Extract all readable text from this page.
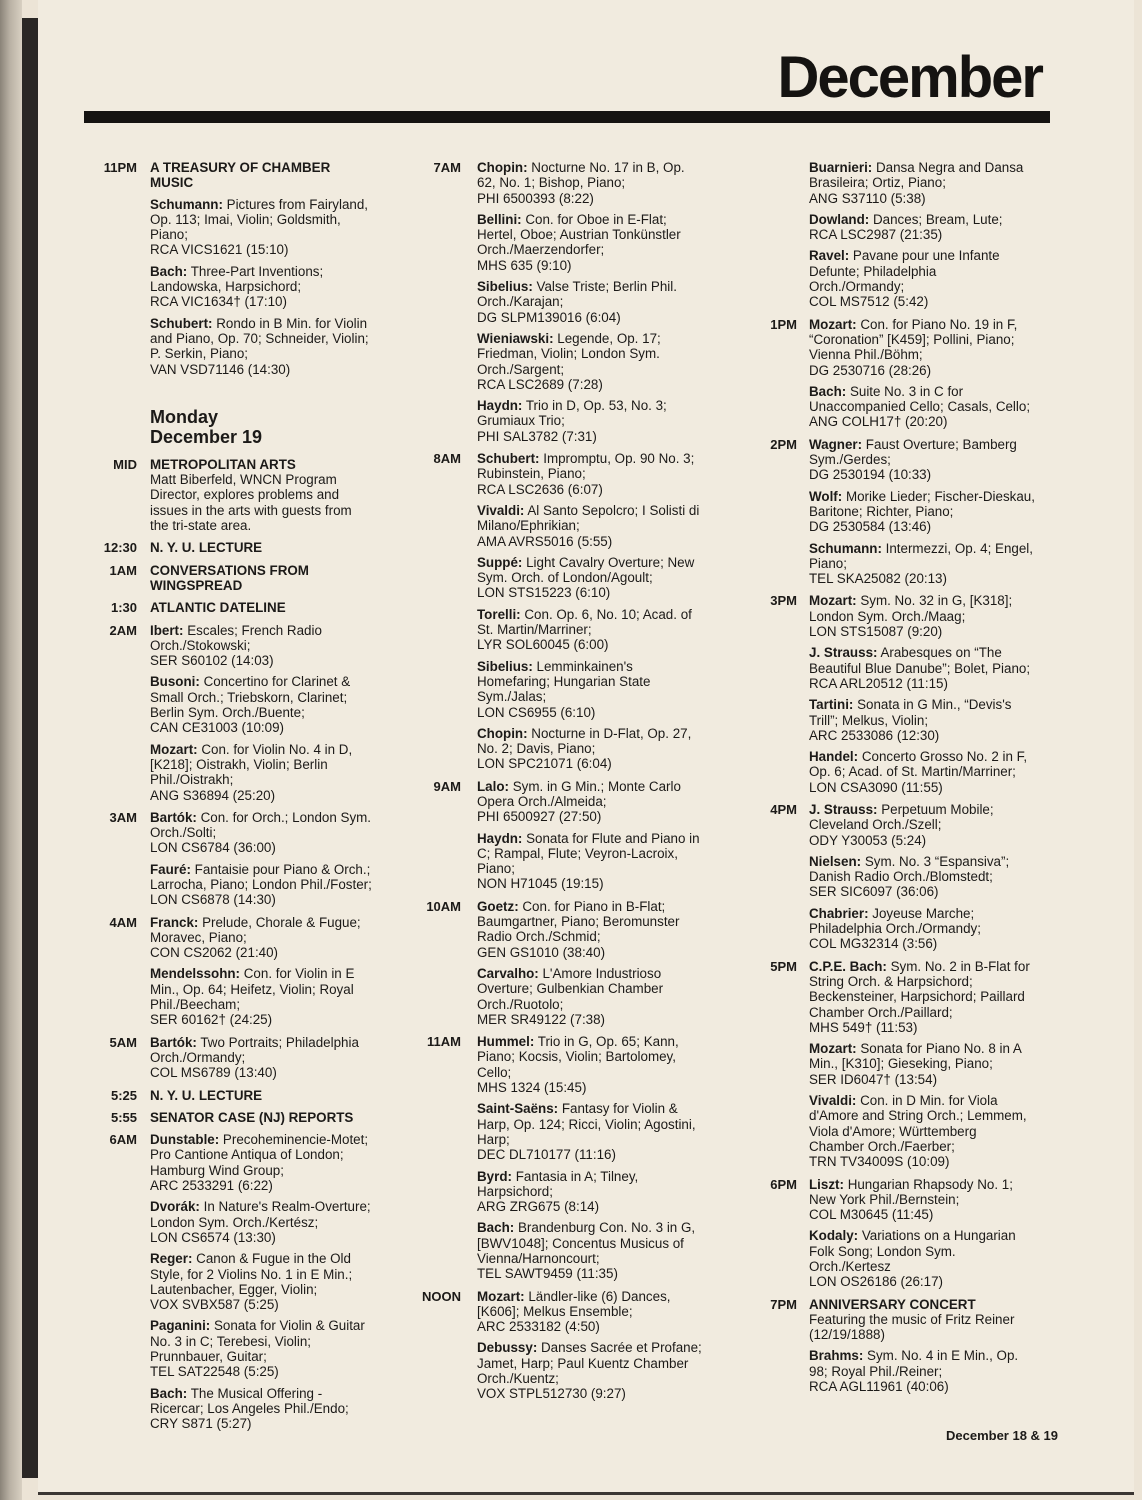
December
11PM A TREASURY OF CHAMBER
MUSIC
Schumann: Pictures from Fairyland,
Op. 113; Imai, Violin; Goldsmith,
Piano;
RCA VICS1621 (15:10)
Bach: Three-Part Inventions;
Landowska, Harpsichord;
RCA VIC1634† (17:10)
Schubert: Rondo in B Min. for Violin
and Piano, Op. 70; Schneider, Violin;
P. Serkin, Piano;
VAN VSD71146 (14:30)
Monday
December 19
MID METROPOLITAN ARTS
Matt Biberfeld, WNCN Program
Director, explores problems and
issues in the arts with guests from
the tri-state area.
12:30 N. Y. U. LECTURE
1AM CONVERSATIONS FROM
WINGSPREAD
1:30 ATLANTIC DATELINE
2AM Ibert: Escales; French Radio
Orch./Stokowski;
SER S60102 (14:03)
Busoni: Concertino for Clarinet &
Small Orch.; Triebskorn, Clarinet;
Berlin Sym. Orch./Buente;
CAN CE31003 (10:09)
Mozart: Con. for Violin No. 4 in D,
[K218]; Oistrakh, Violin; Berlin
Phil./Oistrakh;
ANG S36894 (25:20)
3AM Bartók: Con. for Orch.; London Sym.
Orch./Solti;
LON CS6784 (36:00)
Fauré: Fantaisie pour Piano & Orch.;
Larrocha, Piano; London Phil./Foster;
LON CS6878 (14:30)
4AM Franck: Prelude, Chorale & Fugue;
Moravec, Piano;
CON CS2062 (21:40)
Mendelssohn: Con. for Violin in E
Min., Op. 64; Heifetz, Violin; Royal
Phil./Beecham;
SER 60162† (24:25)
5AM Bartók: Two Portraits; Philadelphia
Orch./Ormandy;
COL MS6789 (13:40)
5:25 N. Y. U. LECTURE
5:55 SENATOR CASE (NJ) REPORTS
6AM Dunstable: Precoheminencie-Motet;
Pro Cantione Antiqua of London;
Hamburg Wind Group;
ARC 2533291 (6:22)
Dvorák: In Nature's Realm-Overture;
London Sym. Orch./Kertész;
LON CS6574 (13:30)
Reger: Canon & Fugue in the Old
Style, for 2 Violins No. 1 in E Min.;
Lautenbacher, Egger, Violin;
VOX SVBX587 (5:25)
Paganini: Sonata for Violin & Guitar
No. 3 in C; Terebesi, Violin;
Prunnbauer, Guitar;
TEL SAT22548 (5:25)
Bach: The Musical Offering -
Ricercar; Los Angeles Phil./Endo;
CRY S871 (5:27)
7AM Chopin: Nocturne No. 17 in B, Op.
62, No. 1; Bishop, Piano;
PHI 6500393 (8:22)
Bellini: Con. for Oboe in E-Flat;
Hertel, Oboe; Austrian Tonkünstler
Orch./Maerzendorfer;
MHS 635 (9:10)
Sibelius: Valse Triste; Berlin Phil.
Orch./Karajan;
DG SLPM139016 (6:04)
Wieniawski: Legende, Op. 17;
Friedman, Violin; London Sym.
Orch./Sargent;
RCA LSC2689 (7:28)
Haydn: Trio in D, Op. 53, No. 3;
Grumiaux Trio;
PHI SAL3782 (7:31)
8AM Schubert: Impromptu, Op. 90 No. 3;
Rubinstein, Piano;
RCA LSC2636 (6:07)
Vivaldi: Al Santo Sepolcro; I Solisti di
Milano/Ephrikian;
AMA AVRS5016 (5:55)
Suppé: Light Cavalry Overture; New
Sym. Orch. of London/Agoult;
LON STS15223 (6:10)
Torelli: Con. Op. 6, No. 10; Acad. of
St. Martin/Marriner;
LYR SOL60045 (6:00)
Sibelius: Lemminkainen's
Homefaring; Hungarian State
Sym./Jalas;
LON CS6955 (6:10)
Chopin: Nocturne in D-Flat, Op. 27,
No. 2; Davis, Piano;
LON SPC21071 (6:04)
9AM Lalo: Sym. in G Min.; Monte Carlo
Opera Orch./Almeida;
PHI 6500927 (27:50)
Haydn: Sonata for Flute and Piano in
C; Rampal, Flute; Veyron-Lacroix,
Piano;
NON H71045 (19:15)
10AM Goetz: Con. for Piano in B-Flat;
Baumgartner, Piano; Beromunster
Radio Orch./Schmid;
GEN GS1010 (38:40)
Carvalho: L'Amore Industrioso
Overture; Gulbenkian Chamber
Orch./Ruotolo;
MER SR49122 (7:38)
11AM Hummel: Trio in G, Op. 65; Kann,
Piano; Kocsis, Violin; Bartolomey,
Cello;
MHS 1324 (15:45)
Saint-Saëns: Fantasy for Violin &
Harp, Op. 124; Ricci, Violin; Agostini,
Harp;
DEC DL710177 (11:16)
Byrd: Fantasia in A; Tilney,
Harpsichord;
ARG ZRG675 (8:14)
Bach: Brandenburg Con. No. 3 in G,
[BWV1048]; Concentus Musicus of
Vienna/Harnoncourt;
TEL SAWT9459 (11:35)
NOON Mozart: Ländler-like (6) Dances,
[K606]; Melkus Ensemble;
ARC 2533182 (4:50)
Debussy: Danses Sacrée et Profane;
Jamet, Harp; Paul Kuentz Chamber
Orch./Kuentz;
VOX STPL512730 (9:27)
Buarnieri: Dansa Negra and Dansa
Brasileira; Ortiz, Piano;
ANG S37110 (5:38)
Dowland: Dances; Bream, Lute;
RCA LSC2987 (21:35)
Ravel: Pavane pour une Infante
Defunte; Philadelphia
Orch./Ormandy;
COL MS7512 (5:42)
1PM Mozart: Con. for Piano No. 19 in F,
“Coronation” [K459]; Pollini, Piano;
Vienna Phil./Böhm;
DG 2530716 (28:26)
Bach: Suite No. 3 in C for
Unaccompanied Cello; Casals, Cello;
ANG COLH17† (20:20)
2PM Wagner: Faust Overture; Bamberg
Sym./Gerdes;
DG 2530194 (10:33)
Wolf: Morike Lieder; Fischer-Dieskau,
Baritone; Richter, Piano;
DG 2530584 (13:46)
Schumann: Intermezzi, Op. 4; Engel,
Piano;
TEL SKA25082 (20:13)
3PM Mozart: Sym. No. 32 in G, [K318];
London Sym. Orch./Maag;
LON STS15087 (9:20)
J. Strauss: Arabesques on “The
Beautiful Blue Danube”; Bolet, Piano;
RCA ARL20512 (11:15)
Tartini: Sonata in G Min., “Devis's
Trill”; Melkus, Violin;
ARC 2533086 (12:30)
Handel: Concerto Grosso No. 2 in F,
Op. 6; Acad. of St. Martin/Marriner;
LON CSA3090 (11:55)
4PM J. Strauss: Perpetuum Mobile;
Cleveland Orch./Szell;
ODY Y30053 (5:24)
Nielsen: Sym. No. 3 “Espansiva”;
Danish Radio Orch./Blomstedt;
SER SIC6097 (36:06)
Chabrier: Joyeuse Marche;
Philadelphia Orch./Ormandy;
COL MG32314 (3:56)
5PM C.P.E. Bach: Sym. No. 2 in B-Flat for
String Orch. & Harpsichord;
Beckensteiner, Harpsichord; Paillard
Chamber Orch./Paillard;
MHS 549† (11:53)
Mozart: Sonata for Piano No. 8 in A
Min., [K310]; Gieseking, Piano;
SER ID6047† (13:54)
Vivaldi: Con. in D Min. for Viola
d'Amore and String Orch.; Lemmem,
Viola d'Amore; Württemberg
Chamber Orch./Faerber;
TRN TV34009S (10:09)
6PM Liszt: Hungarian Rhapsody No. 1;
New York Phil./Bernstein;
COL M30645 (11:45)
Kodaly: Variations on a Hungarian
Folk Song; London Sym.
Orch./Kertesz
LON OS26186 (26:17)
7PM ANNIVERSARY CONCERT
Featuring the music of Fritz Reiner
(12/19/1888)
Brahms: Sym. No. 4 in E Min., Op.
98; Royal Phil./Reiner;
RCA AGL11961 (40:06)
December 18 & 19
